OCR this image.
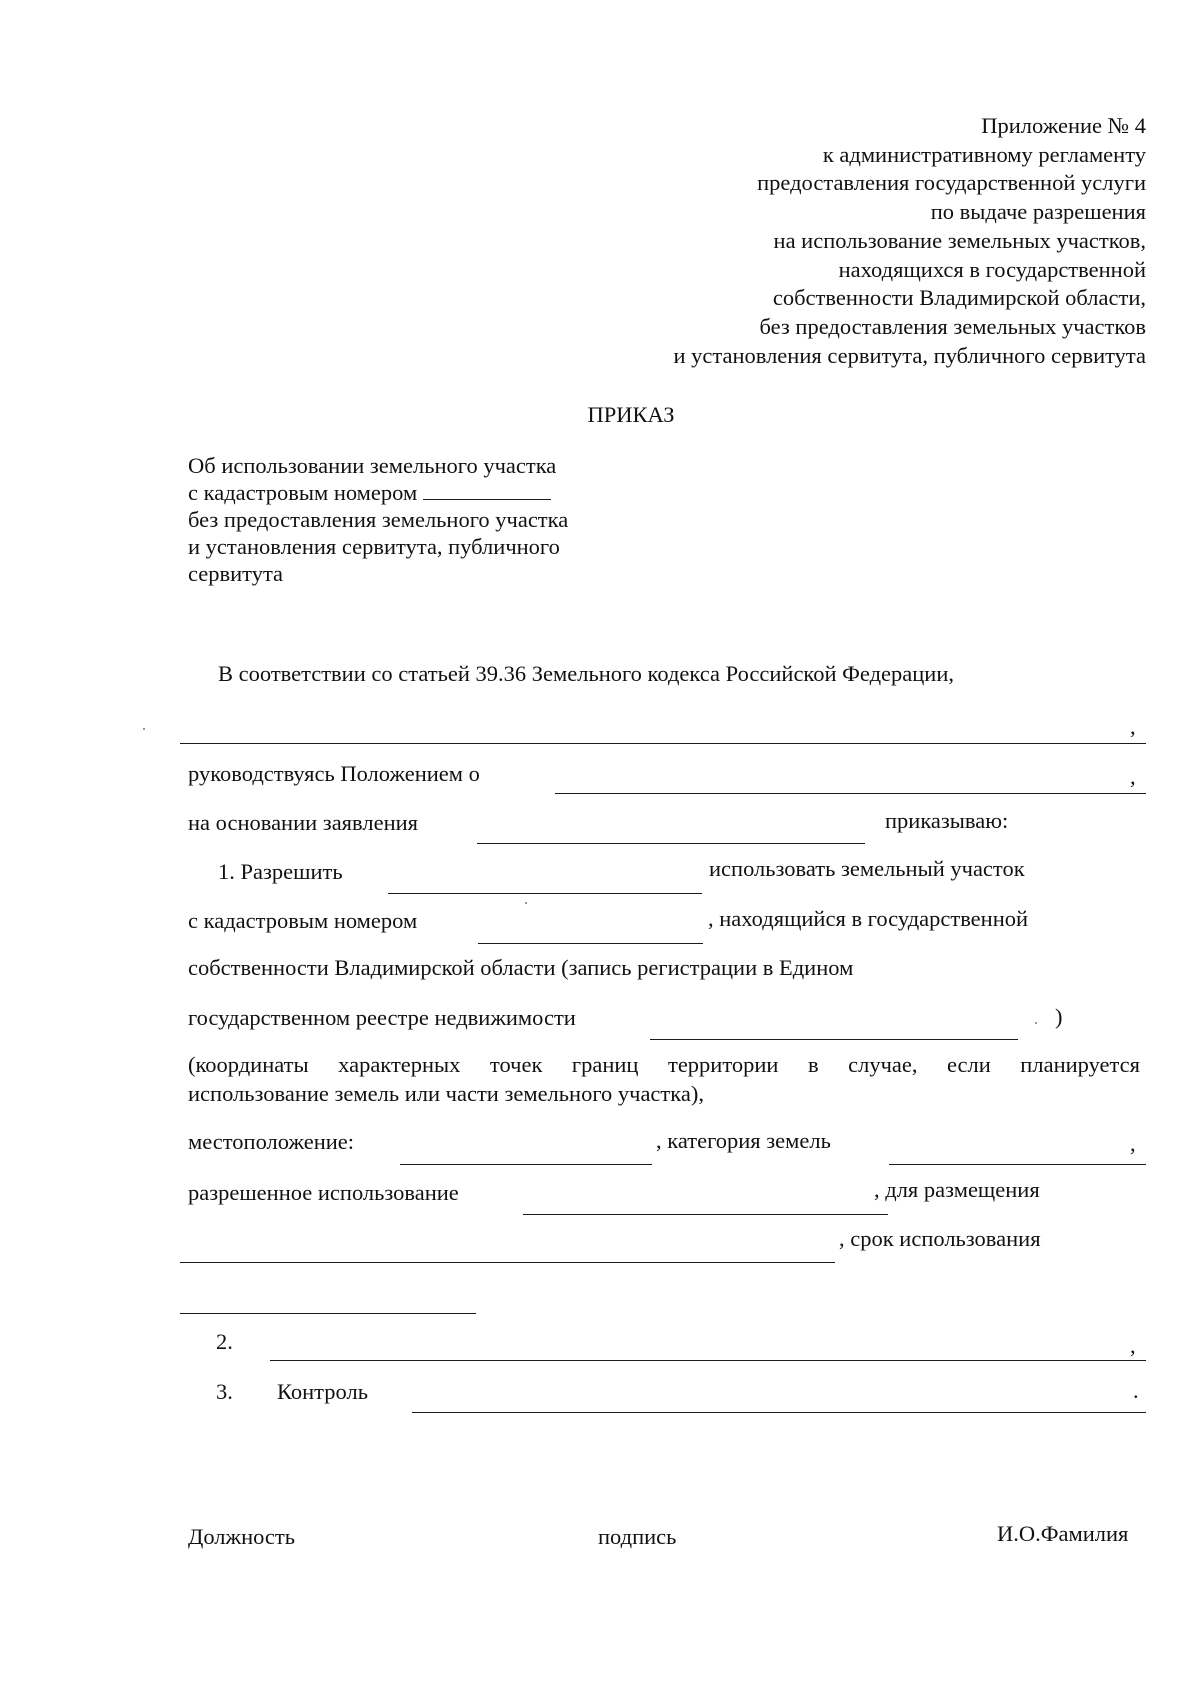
Приложение № 4
к административному регламенту
предоставления государственной услуги
по выдаче разрешения
на использование земельных участков,
находящихся в государственной
собственности Владимирской области,
без предоставления земельных участков
и установления сервитута, публичного сервитута
ПРИКАЗ
Об использовании земельного участка
с кадастровым номером
без предоставления земельного участка
и установления сервитута, публичного
сервитута
В соответствии со статьей 39.36 Земельного кодекса Российской Федерации,
,
руководствуясь Положением о	,
на основании заявления	приказываю:
1. Разрешить	использовать земельный участок
с кадастровым номером	, находящийся в государственной
собственности Владимирской области (запись регистрации в Едином
государственном реестре недвижимости	)
(координаты характерных точек границ территории в случае, если планируется
использование земель или части земельного участка),
местоположение:	, категория земель	,
разрешенное использование	, для размещения
, срок использования
2.	,
3. Контроль	.
Должность	подпись	И.О.Фамилия
